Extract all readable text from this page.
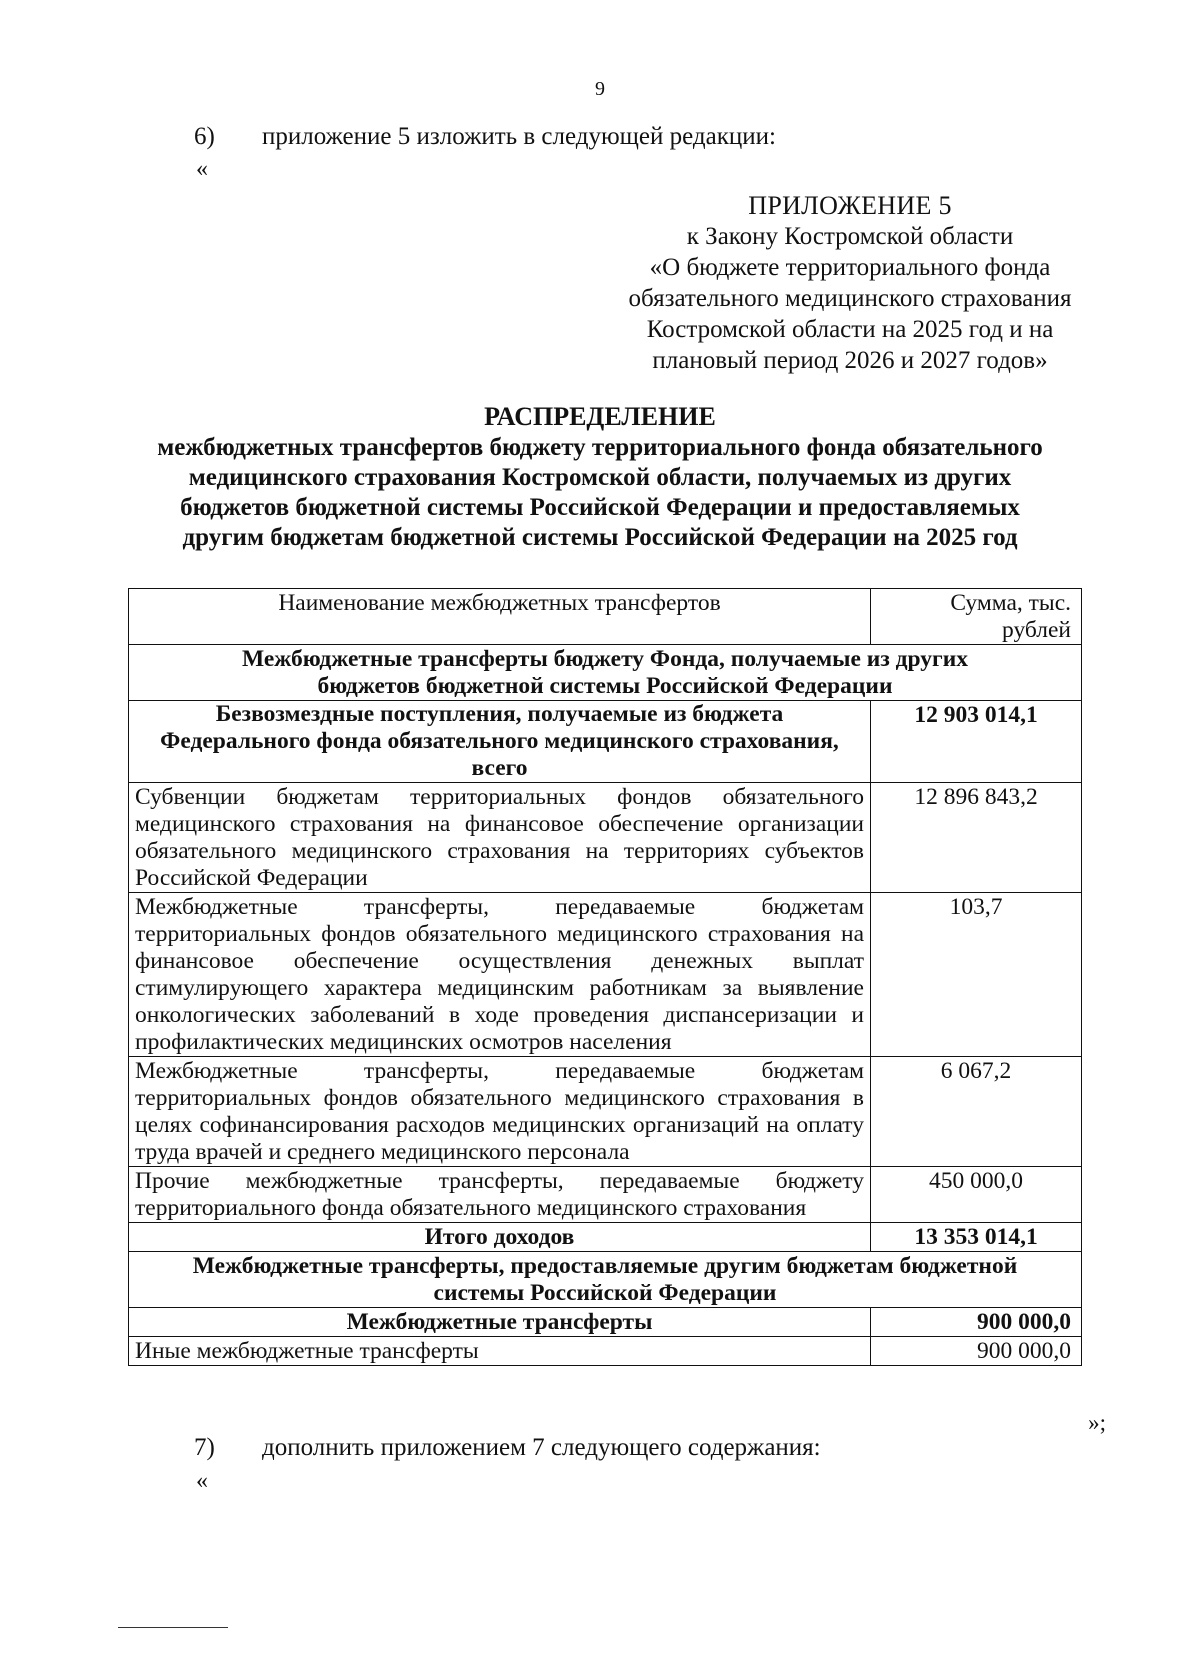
9
6) приложение 5 изложить в следующей редакции:
«
ПРИЛОЖЕНИЕ 5
к Закону Костромской области
«О бюджете территориального фонда
обязательного медицинского страхования
Костромской области на 2025 год и на
плановый период 2026 и 2027 годов»
РАСПРЕДЕЛЕНИЕ
межбюджетных трансфертов бюджету территориального фонда обязательного
медицинского страхования Костромской области, получаемых из других
бюджетов бюджетной системы Российской Федерации и предоставляемых
другим бюджетам бюджетной системы Российской Федерации на 2025 год
Наименование межбюджетных трансфертов	Сумма, тыс. рублей
Межбюджетные трансферты бюджету Фонда, получаемые из других бюджетов бюджетной системы Российской Федерации	
Безвозмездные поступления, получаемые из бюджета Федерального фонда обязательного медицинского страхования, всего	12 903 014,1
Субвенции бюджетам территориальных фондов обязательного медицинского страхования на финансовое обеспечение организации обязательного медицинского страхования на территориях субъектов Российской Федерации	12 896 843,2
Межбюджетные трансферты, передаваемые бюджетам территориальных фондов обязательного медицинского страхования на финансовое обеспечение осуществления денежных выплат стимулирующего характера медицинским работникам за выявление онкологических заболеваний в ходе проведения диспансеризации и профилактических медицинских осмотров населения	103,7
Межбюджетные трансферты, передаваемые бюджетам территориальных фондов обязательного медицинского страхования в целях софинансирования расходов медицинских организаций на оплату труда врачей и среднего медицинского персонала	6 067,2
Прочие межбюджетные трансферты, передаваемые бюджету территориального фонда обязательного медицинского страхования	450 000,0
Итого доходов	13 353 014,1
Межбюджетные трансферты, предоставляемые другим бюджетам бюджетной системы Российской Федерации	
Межбюджетные трансферты	900 000,0
Иные межбюджетные трансферты	900 000,0
»;
7) дополнить приложением 7 следующего содержания:
«
